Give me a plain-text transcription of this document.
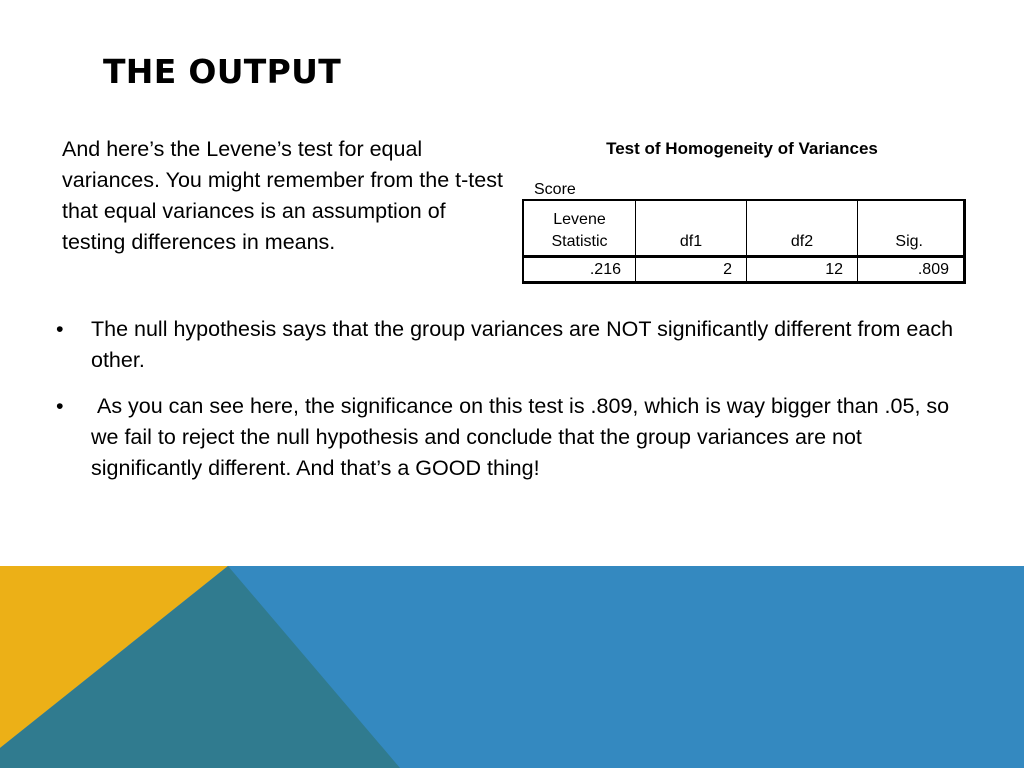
THE OUTPUT

And here’s the Levene’s test for equal variances. You might remember from the t-test that equal variances is an assumption of testing differences in means.

Test of Homogeneity of Variances
Score
Levene
Statistic	df1	df2	Sig.
.216	2	12	.809
• The null hypothesis says that the group variances are NOT significantly different from each other.
• As you can see here, the significance on this test is .809, which is way bigger than .05, so we fail to reject the null hypothesis and conclude that the group variances are not significantly different. And that’s a GOOD thing!
